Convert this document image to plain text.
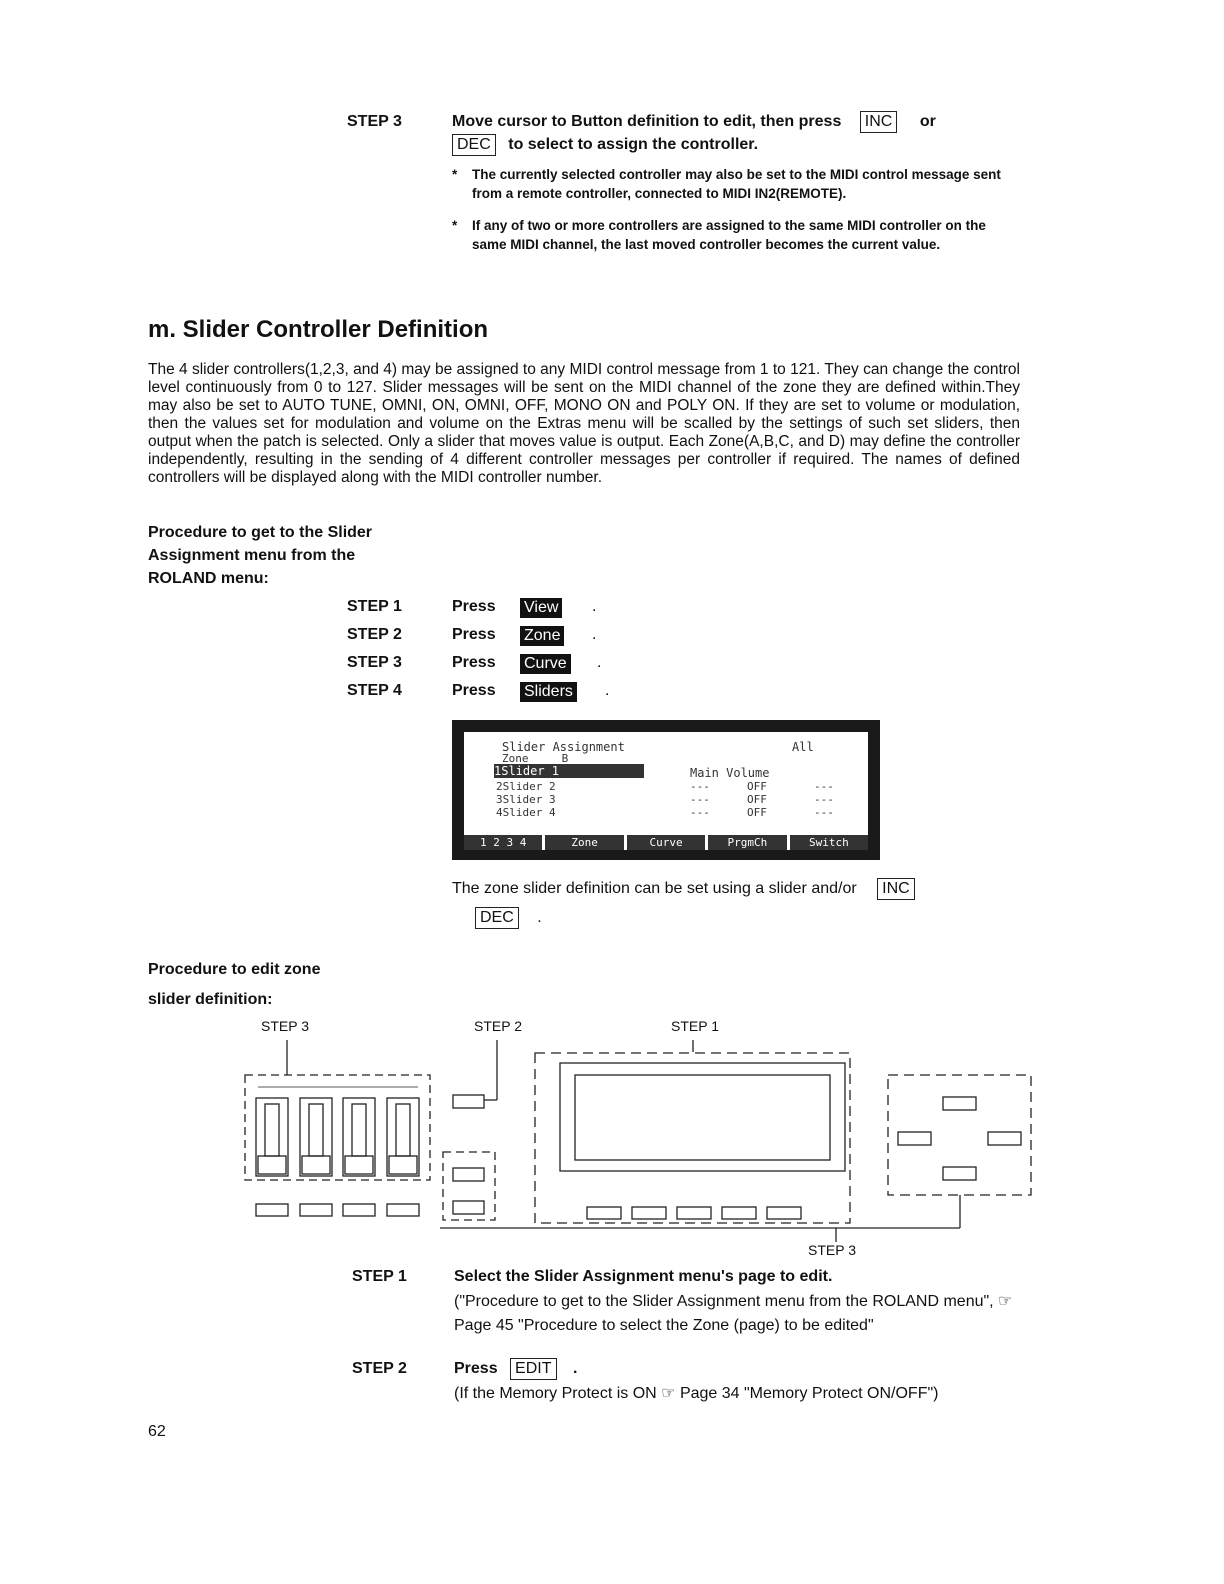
STEP 3	Move cursor to Button definition to edit, then press INC or
DEC to select to assign the controller.
* The currently selected controller may also be set to the MIDI control message sent from a remote controller, connected to MIDI IN2(REMOTE).
* If any of two or more controllers are assigned to the same MIDI controller on the same MIDI channel, the last moved controller becomes the current value.
m. Slider Controller Definition
The 4 slider controllers(1,2,3, and 4) may be assigned to any MIDI control message from 1 to 121. They can change the control level continuously from 0 to 127. Slider messages will be sent on the MIDI channel of the zone they are defined within.They may also be set to AUTO TUNE, OMNI, ON, OMNI, OFF, MONO ON and POLY ON. If they are set to volume or modulation, then the values set for modulation and volume on the Extras menu will be scalled by the settings of such set sliders, then output when the patch is selected. Only a slider that moves value is output. Each Zone(A,B,C, and D) may define the controller independently, resulting in the sending of 4 different controller messages per controller if required. The names of defined controllers will be displayed along with the MIDI controller number.
Procedure to get to the Slider
Assignment menu from the
ROLAND menu:
STEP 1	Press View .
STEP 2	Press Zone .
STEP 3	Press Curve .
STEP 4	Press Sliders .
Slider Assignment	All
Zone     B
1Slider 1	Main Volume
2Slider 2	---	OFF	---
3Slider 3	---	OFF	---
4Slider 4	---	OFF	---
1 2 3 4	Zone	Curve	PrgmCh	Switch
The zone slider definition can be set using a slider and/or INC
DEC .
Procedure to edit zone
slider definition:
STEP 3	STEP 2	STEP 1
STEP 3
STEP 1	Select the Slider Assignment menu's page to edit.
("Procedure to get to the Slider Assignment menu from the ROLAND menu", ☞ Page 45 "Procedure to select the Zone (page) to be edited"
STEP 2	Press EDIT .
(If the Memory Protect is ON ☞ Page 34 "Memory Protect ON/OFF")
62
